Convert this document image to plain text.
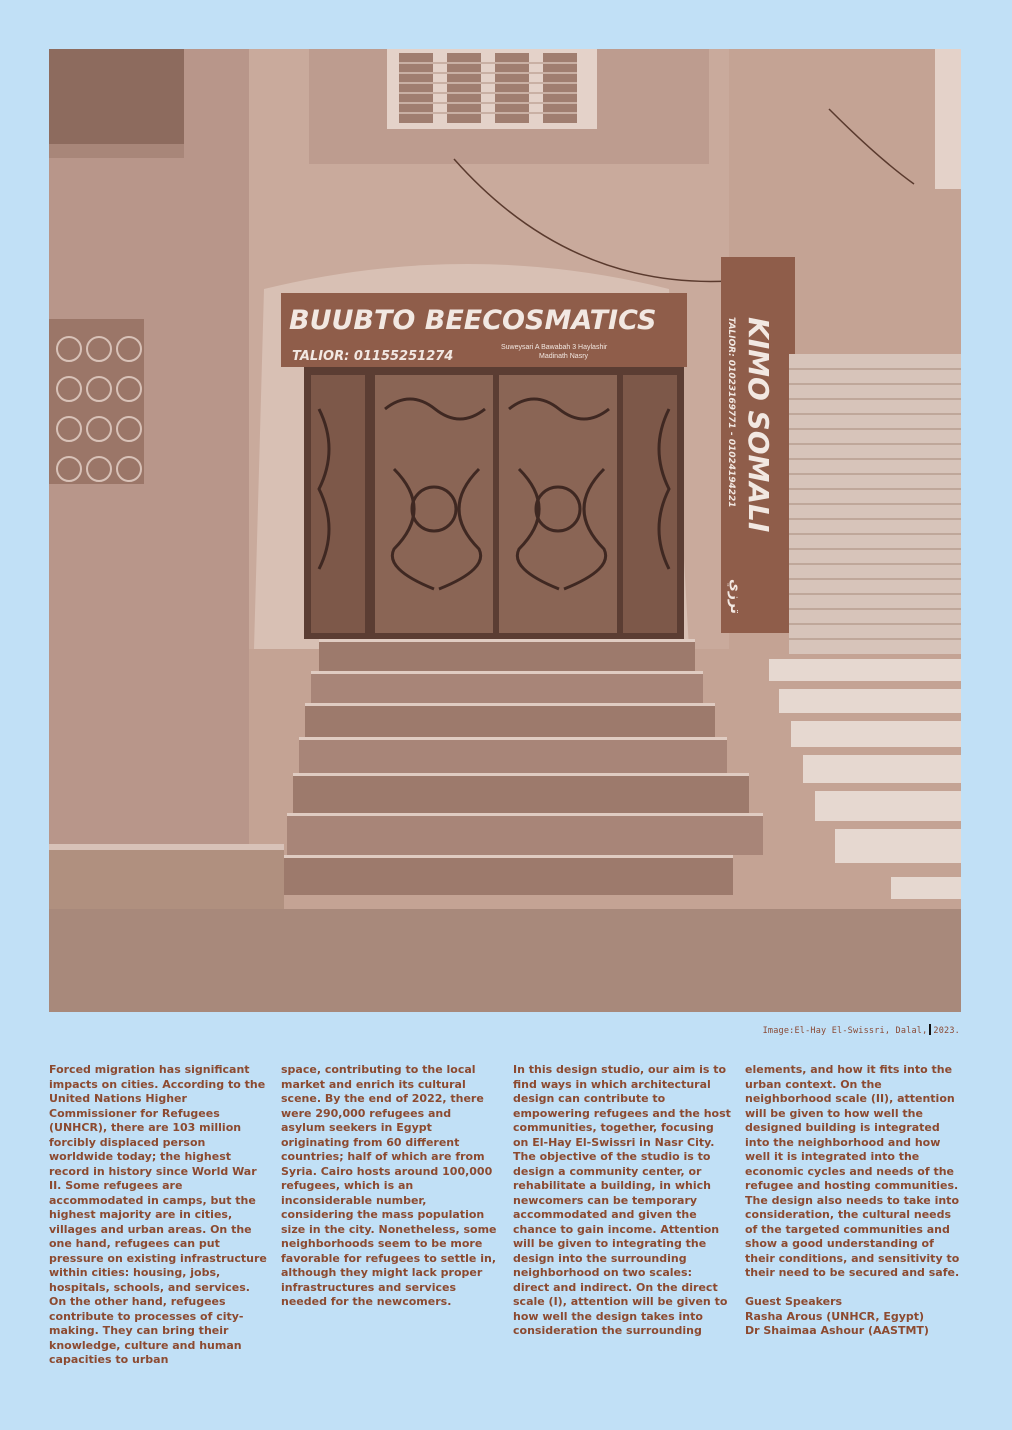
BUUBTO BEECOSMATICS
TALIOR: 01155251274
Suweysari A Bawabah 3 Haylashir
Madinath Nasry	KIMO SOMALI
TALIOR: 01023169771 - 01024194221
ترزي
Image:El-Hay El-Swissri, Dalal, 2023.

Forced migration has significant impacts on cities. According to the United Nations Higher Commissioner for Refugees (UNHCR), there are 103 million forcibly displaced person worldwide today; the highest record in history since World War II. Some refugees are accommodated in camps, but the highest majority are in cities, villages and urban areas. On the one hand, refugees can put pressure on existing infrastructure within cities: housing, jobs, hospitals, schools, and services. On the other hand, refugees contribute to processes of city-making. They can bring their knowledge, culture and human capacities to urban

space, contributing to the local market and enrich its cultural scene. By the end of 2022, there were 290,000 refugees and asylum seekers in Egypt originating from 60 different countries; half of which are from Syria. Cairo hosts around 100,000 refugees, which is an inconsiderable number, considering the mass population size in the city. Nonetheless, some neighborhoods seem to be more favorable for refugees to settle in, although they might lack proper infrastructures and services needed for the newcomers.

In this design studio, our aim is to find ways in which architectural design can contribute to empowering refugees and the host communities, together, focusing on El-Hay El-Swissri in Nasr City. The objective of the studio is to design a community center, or rehabilitate a building, in which newcomers can be temporary accommodated and given the chance to gain income. Attention will be given to integrating the design into the surrounding neighborhood on two scales: direct and indirect. On the direct scale (I), attention will be given to how well the design takes into consideration the surrounding

elements, and how it fits into the urban context. On the neighborhood scale (II), attention will be given to how well the designed building is integrated into the neighborhood and how well it is integrated into the economic cycles and needs of the refugee and hosting communities. The design also needs to take into consideration, the cultural needs of the targeted communities and show a good understanding of their conditions, and sensitivity to their need to be secured and safe.

Guest Speakers

Rasha Arous (UNHCR, Egypt)

Dr Shaimaa Ashour (AASTMT)
